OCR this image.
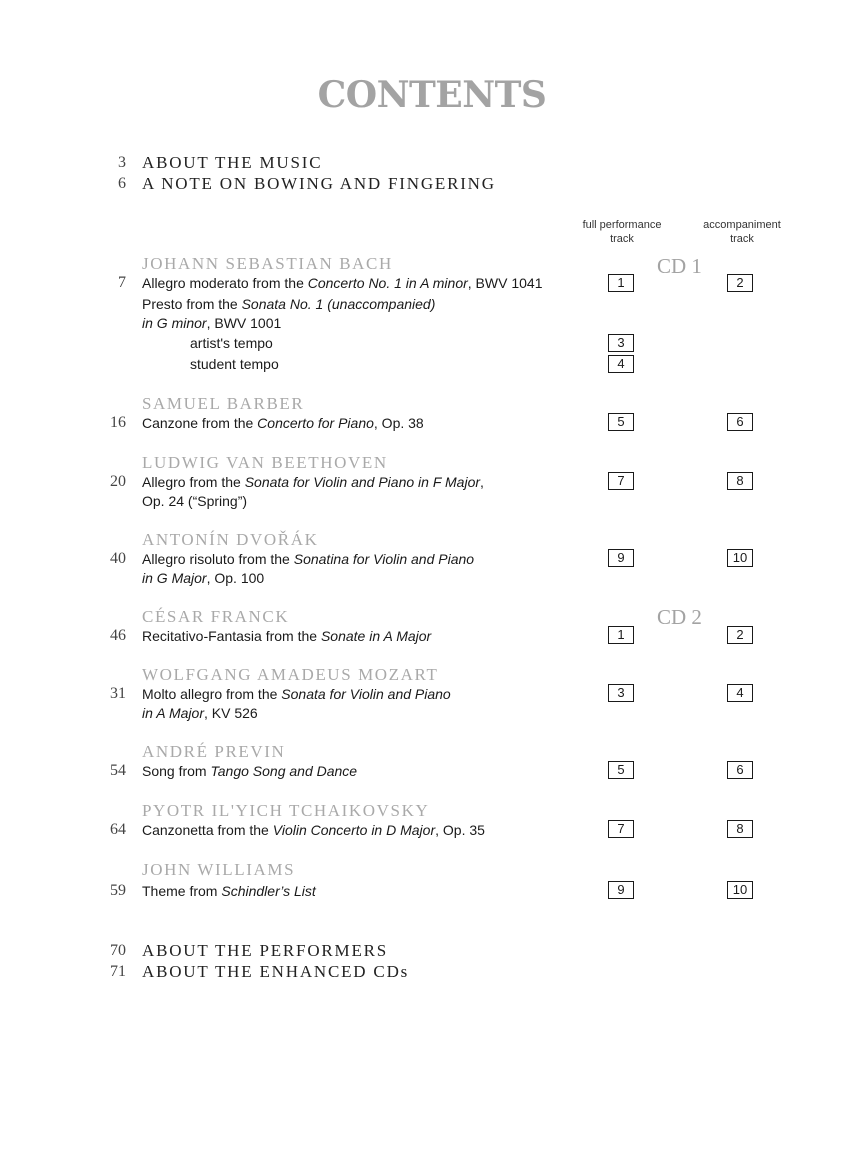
CONTENTS
3 ABOUT THE MUSIC
6 A NOTE ON BOWING AND FINGERING
full performance
track
accompaniment
track
JOHANN SEBASTIAN BACH	CD 1
7 Allegro moderato from the Concerto No. 1 in A minor, BWV 1041	1	2
Presto from the Sonata No. 1 (unaccompanied)
in G minor, BWV 1001
artist's tempo	3
student tempo	4
SAMUEL BARBER
16 Canzone from the Concerto for Piano, Op. 38	5	6
LUDWIG VAN BEETHOVEN
20 Allegro from the Sonata for Violin and Piano in F Major,
Op. 24 (“Spring”)
7	8
ANTONÍN DVOŘÁK
40 Allegro risoluto from the Sonatina for Violin and Piano
in G Major, Op. 100
9	10
CÉSAR FRANCK	CD 2
46 Recitativo-Fantasia from the Sonate in A Major	1	2
WOLFGANG AMADEUS MOZART
31 Molto allegro from the Sonata for Violin and Piano
in A Major, KV 526
3	4
ANDRÉ PREVIN
54 Song from Tango Song and Dance	5	6
PYOTR IL'YICH TCHAIKOVSKY
64 Canzonetta from the Violin Concerto in D Major, Op. 35	7	8
JOHN WILLIAMS
59 Theme from Schindler’s List	9	10
70 ABOUT THE PERFORMERS
71 ABOUT THE ENHANCED CDs
